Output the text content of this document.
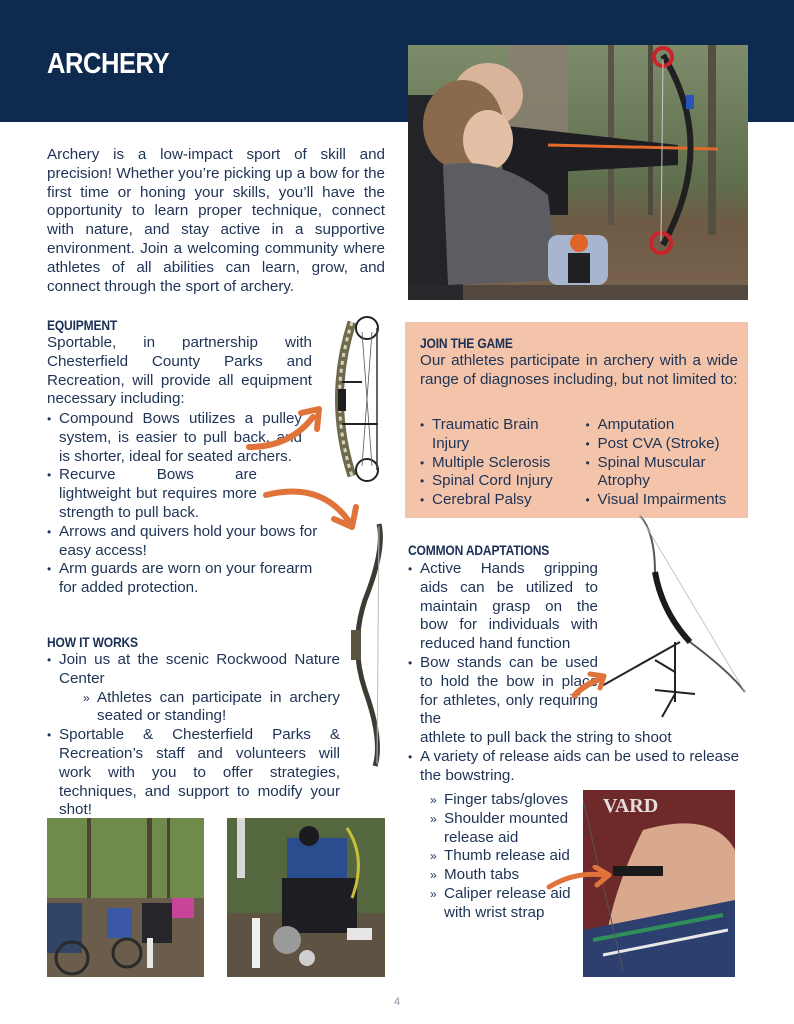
ARCHERY
Archery is a low-impact sport of skill and precision! Whether you’re picking up a bow for the first time or honing your skills, you’ll have the opportunity to learn proper technique, connect with nature, and stay active in a supportive environment. Join a welcoming community where athletes of all abilities can learn, grow, and connect through the sport of archery.
EQUIPMENT
Sportable, in partnership with Chesterfield County Parks and Recreation, will provide all equipment necessary including:
• Compound Bows utilizes a pulley system, is easier to pull back, and is shorter, ideal for seated archers.
• Recurve Bows are lightweight but requires more strength to pull back.
• Arrows and quivers hold your bows for easy access!
• Arm guards are worn on your forearm for added protection.
HOW IT WORKS
• Join us at the scenic Rockwood Nature Center
» Athletes can participate in archery seated or standing!
• Sportable & Chesterfield Parks & Recreation’s staff and volunteers will work with you to offer strategies, techniques, and support to modify your shot!
JOIN THE GAME
Our athletes participate in archery with a wide range of diagnoses including, but not limited to:
• Traumatic Brain Injury
• Multiple Sclerosis
• Spinal Cord Injury
• Cerebral Palsy
• Amputation
• Post CVA (Stroke)
• Spinal Muscular Atrophy
• Visual Impairments
COMMON ADAPTATIONS
• Active Hands gripping aids can be utilized to maintain grasp on the bow for individuals with reduced hand function
• Bow stands can be used to hold the bow in place for athletes, only requiring the
athlete to pull back the string to shoot
• A variety of release aids can be used to release the bowstring.
» Finger tabs/gloves
» Shoulder mounted release aid
» Thumb release aid
» Mouth tabs
» Caliper release aid with wrist strap
VARD
4
